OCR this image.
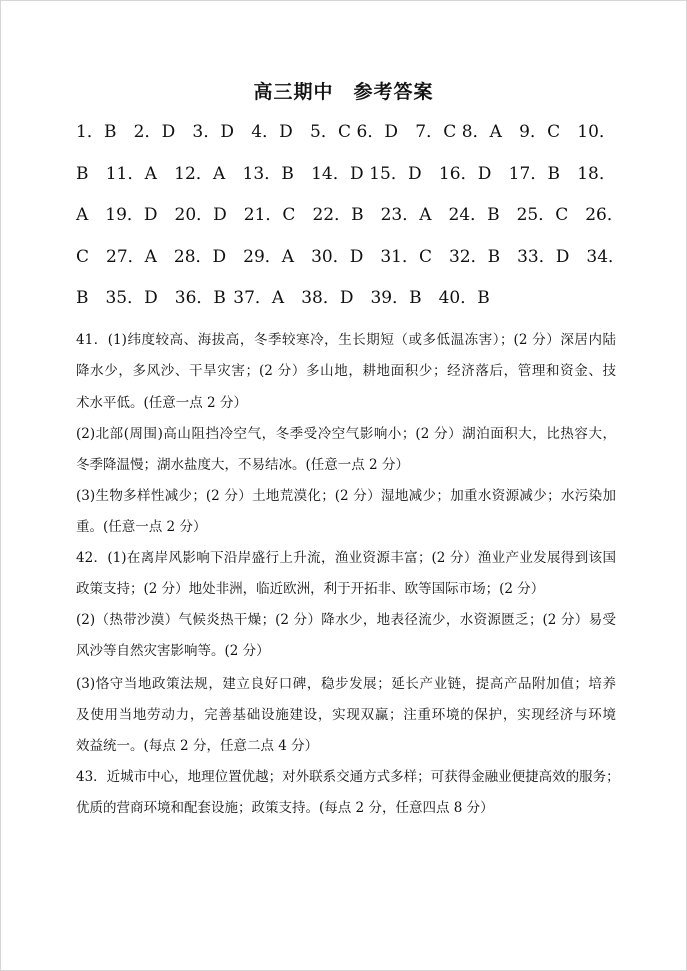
高三期中　参考答案
1．B　2．D　3．D　4．D　5．C 6．D　7．C 8．A　9．C　10．
B　11．A　12．A　13．B　14．D 15．D　16．D　17．B　18．
A　19．D　20．D　21．C　22．B　23．A　24．B　25．C　26．
C　27．A　28．D　29．A　30．D　31．C　32．B　33．D　34．
B　35．D　36．B 37．A　38．D　39．B　40．B
41．(1)纬度较高、海拔高，冬季较寒冷，生长期短（或多低温冻害）；(2 分）深居内陆
降水少，多风沙、干旱灾害；(2 分）多山地，耕地面积少；经济落后，管理和资金、技
术水平低。(任意一点 2 分）
(2)北部(周围)高山阻挡冷空气，冬季受冷空气影响小；(2 分）湖泊面积大，比热容大，
冬季降温慢；湖水盐度大，不易结冰。(任意一点 2 分）
(3)生物多样性减少；(2 分）土地荒漠化；(2 分）湿地减少；加重水资源减少；水污染加
重。(任意一点 2 分）
42．(1)在离岸风影响下沿岸盛行上升流，渔业资源丰富；(2 分）渔业产业发展得到该国
政策支持；(2 分）地处非洲，临近欧洲，利于开拓非、欧等国际市场；(2 分）
(2)（热带沙漠）气候炎热干燥；(2 分）降水少，地表径流少，水资源匮乏；(2 分）易受
风沙等自然灾害影响等。(2 分）
(3)恪守当地政策法规，建立良好口碑，稳步发展；延长产业链，提高产品附加值；培养
及使用当地劳动力，完善基础设施建设，实现双赢；注重环境的保护，实现经济与环境
效益统一。(每点 2 分，任意二点 4 分）
43．近城市中心，地理位置优越；对外联系交通方式多样；可获得金融业便捷高效的服务；
优质的营商环境和配套设施；政策支持。(每点 2 分，任意四点 8 分）
